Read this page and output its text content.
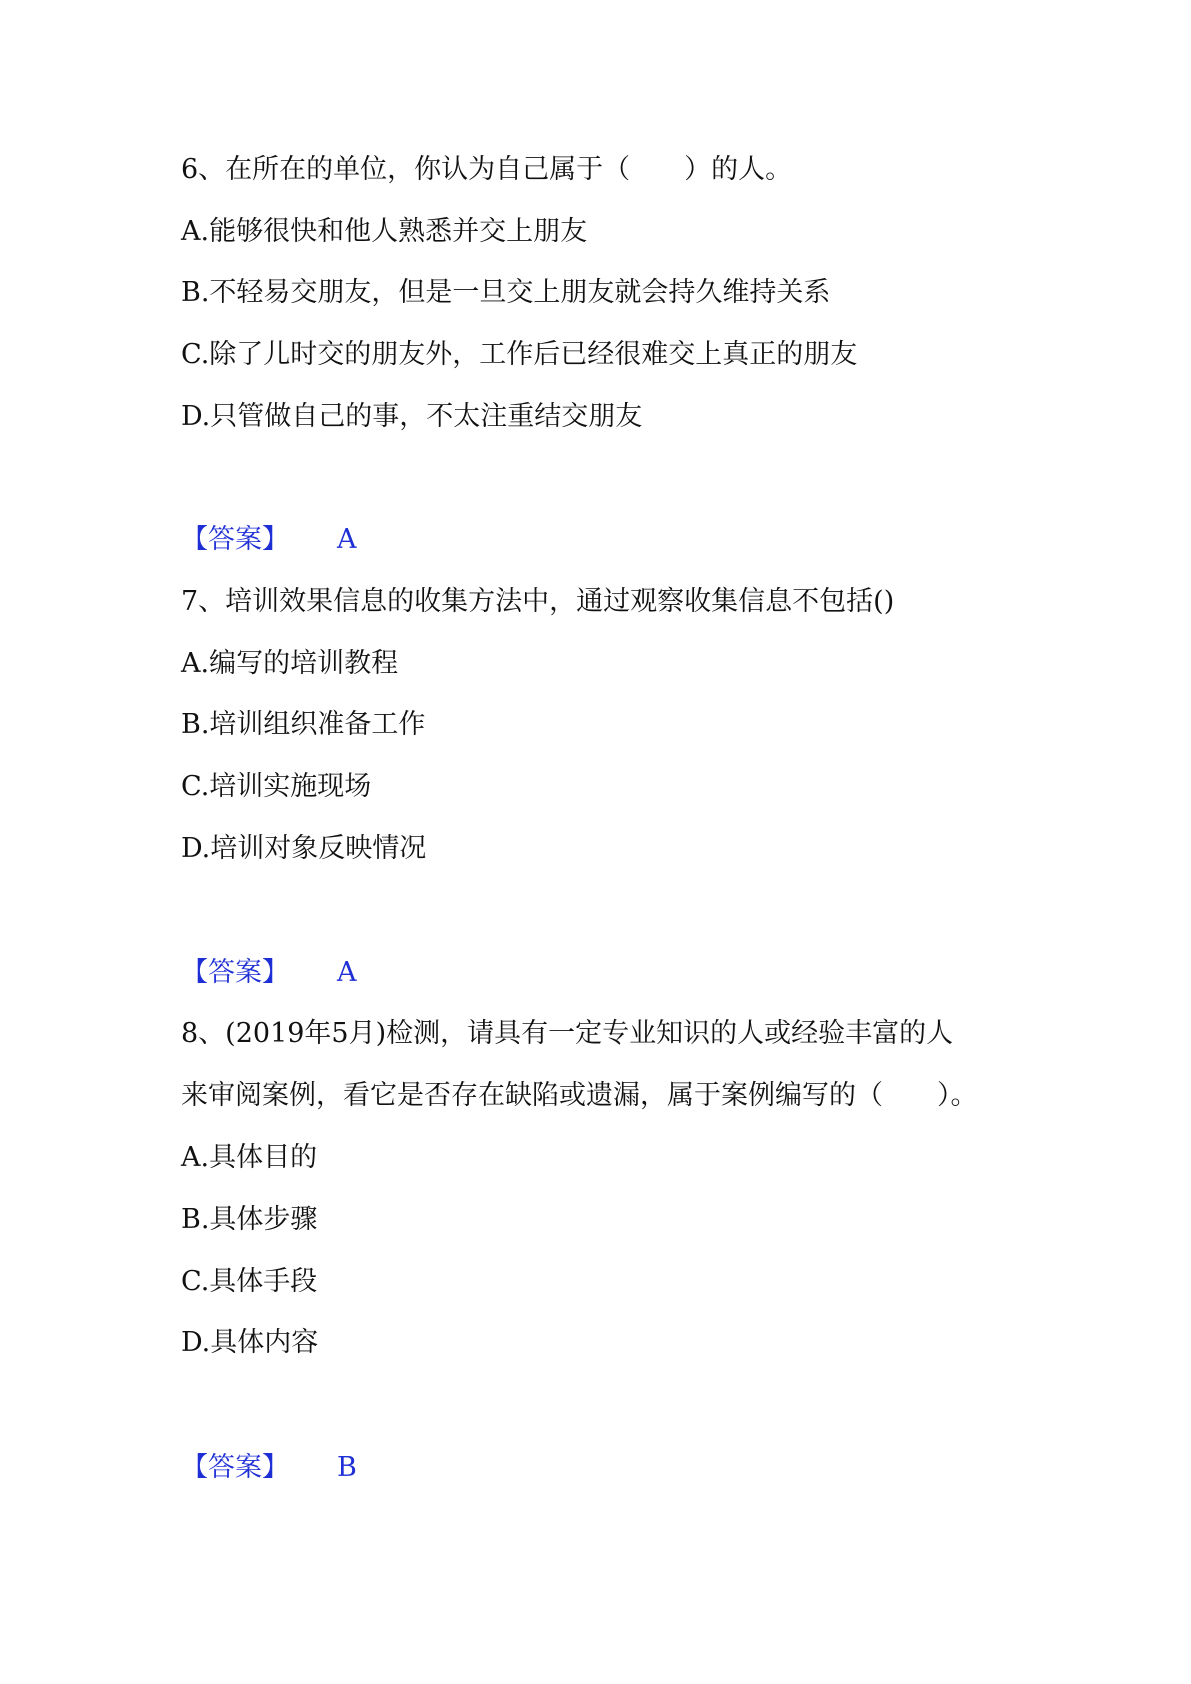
6、在所在的单位，你认为自己属于（　　）的人。
A.能够很快和他人熟悉并交上朋友
B.不轻易交朋友，但是一旦交上朋友就会持久维持关系
C.除了儿时交的朋友外，工作后已经很难交上真正的朋友
D.只管做自己的事，不太注重结交朋友
【答案】 A
7、培训效果信息的收集方法中，通过观察收集信息不包括()
A.编写的培训教程
B.培训组织准备工作
C.培训实施现场
D.培训对象反映情况
【答案】 A
8、(2019年5月)检测，请具有一定专业知识的人或经验丰富的人
来审阅案例，看它是否存在缺陷或遗漏，属于案例编写的（　　）。
A.具体目的
B.具体步骤
C.具体手段
D.具体内容
【答案】 B
